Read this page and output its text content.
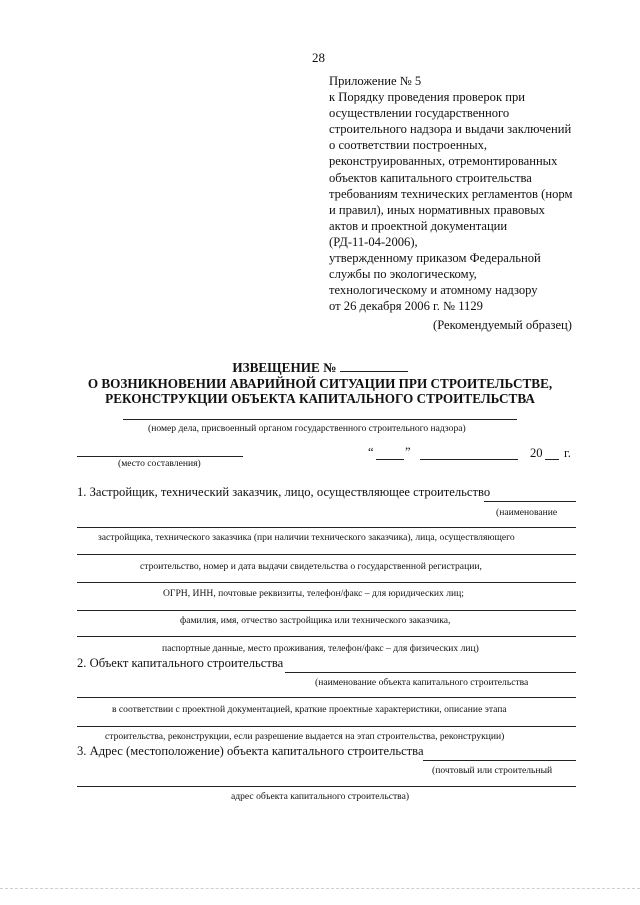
28
Приложение № 5
к Порядку проведения проверок при
осуществлении государственного
строительного надзора и выдачи заключений
о соответствии построенных,
реконструированных, отремонтированных
объектов капитального строительства
требованиям технических регламентов (норм
и правил), иных нормативных правовых
актов и проектной документации
(РД-11-04-2006),
утвержденному приказом Федеральной
службы по экологическому,
технологическому и атомному надзору
от 26 декабря 2006 г. № 1129
(Рекомендуемый образец)
ИЗВЕЩЕНИЕ №
О ВОЗНИКНОВЕНИИ АВАРИЙНОЙ СИТУАЦИИ ПРИ СТРОИТЕЛЬСТВЕ,
РЕКОНСТРУКЦИИ ОБЪЕКТА КАПИТАЛЬНОГО СТРОИТЕЛЬСТВА
(номер дела, присвоенный органом государственного строительного надзора)
(место составления)
“ ”	20 г.
1. Застройщик, технический заказчик, лицо, осуществляющее строительство
(наименование
застройщика, технического заказчика (при наличии технического заказчика), лица, осуществляющего
строительство, номер и дата выдачи свидетельства о государственной регистрации,
ОГРН, ИНН, почтовые реквизиты, телефон/факс – для юридических лиц;
фамилия, имя, отчество застройщика или технического заказчика,
паспортные данные, место проживания, телефон/факс – для физических лиц)
2. Объект капитального строительства
(наименование объекта капитального строительства
в соответствии с проектной документацией, краткие проектные характеристики, описание этапа
строительства, реконструкции, если разрешение выдается на этап строительства, реконструкции)
3. Адрес (местоположение) объекта капитального строительства
(почтовый или строительный
адрес объекта капитального строительства)
